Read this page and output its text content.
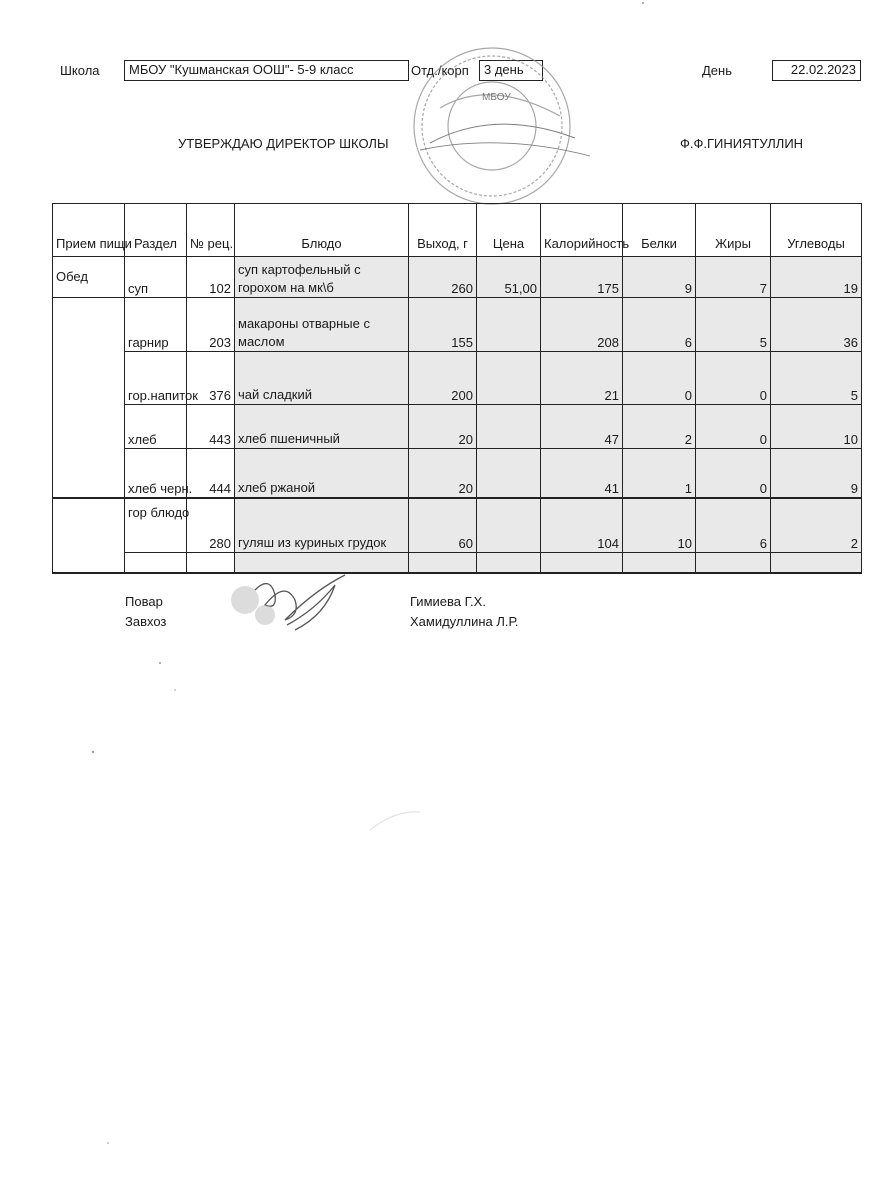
Школа	МБОУ "Кушманская ООШ"- 5-9 класс	Отд./корп	3 день	День	22.02.2023
УТВЕРЖДАЮ ДИРЕКТОР ШКОЛЫ	Ф.Ф.ГИНИЯТУЛЛИН
МБОУ
Прием пищи	Раздел	№ рец.	Блюдо	Выход, г	Цена	Калорийность	Белки	Жиры	Углеводы
Обед	суп	102	суп картофельный с горохом на мк\б	260	51,00	175	9	7	19
	гарнир	203	макароны отварные с маслом	155		208	6	5	36
	гор.напиток	376	чай сладкий	200		21	0	0	5
	хлеб	443	хлеб пшеничный	20		47	2	0	10
	хлеб черн.	444	хлеб ржаной	20		41	1	0	9
	гор блюдо	280	гуляш из куриных грудок	60		104	10	6	2

Повар	Гимиева Г.Х.
Завхоз	Хамидуллина Л.Р.
